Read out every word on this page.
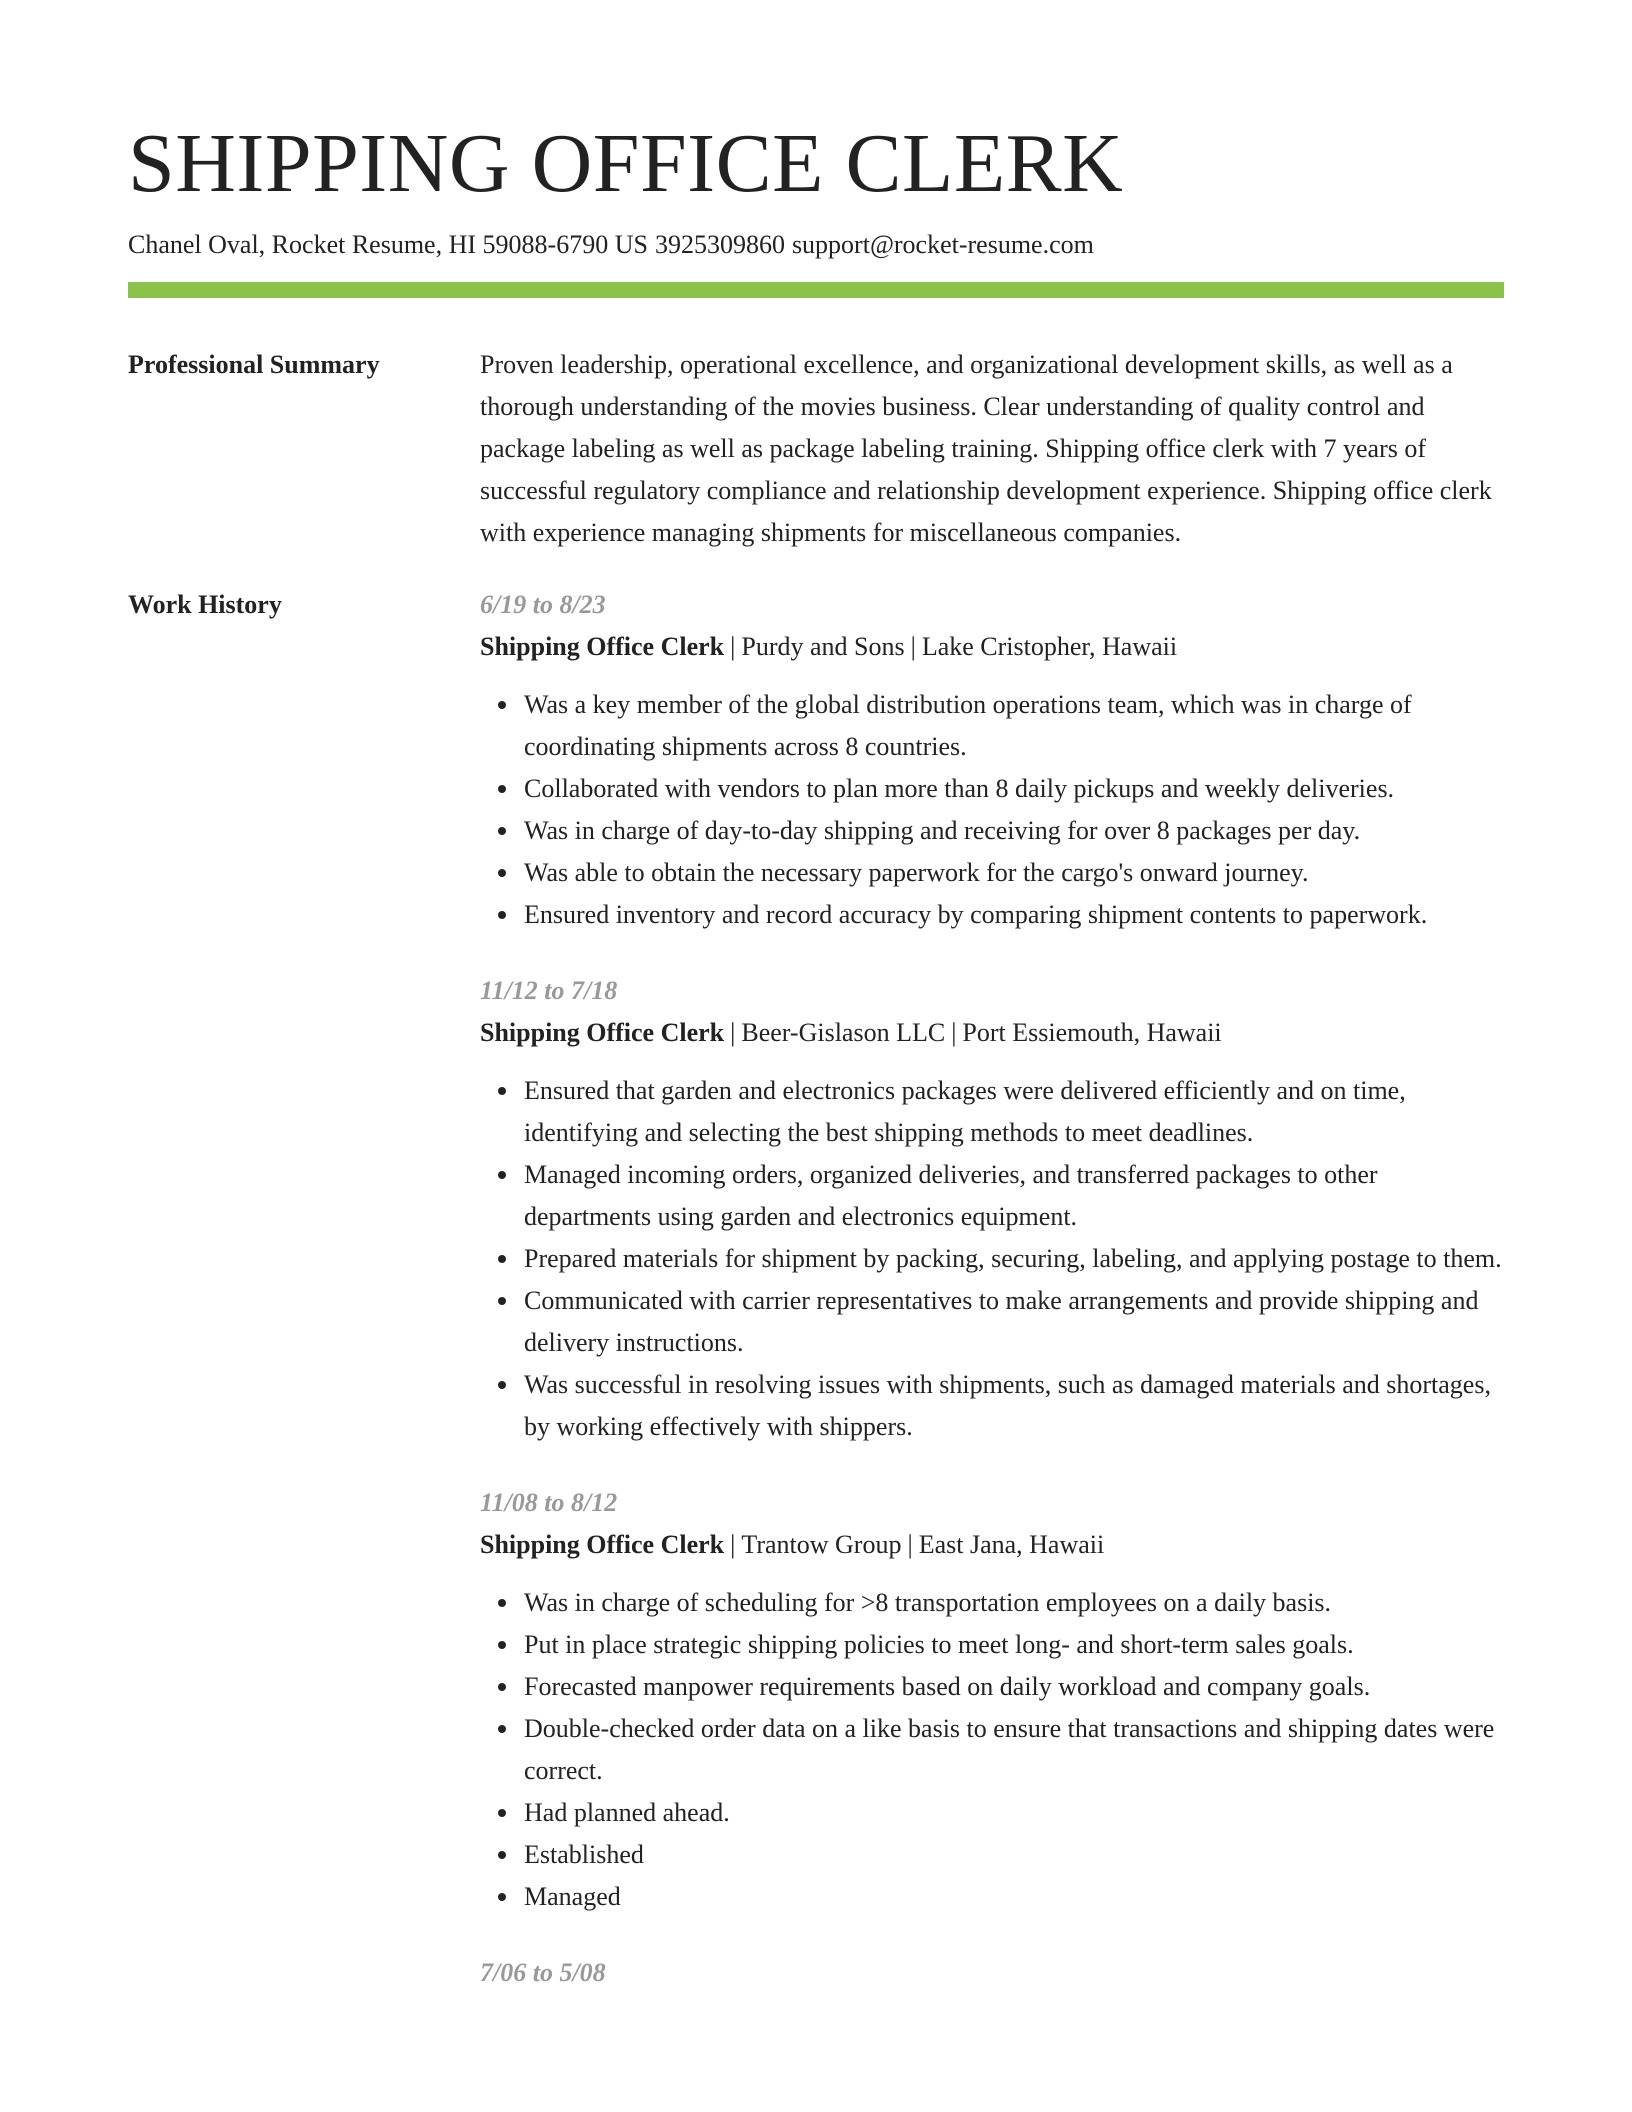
SHIPPING OFFICE CLERK
Chanel Oval, Rocket Resume, HI 59088-6790 US 3925309860 support@rocket-resume.com
Professional Summary	Proven leadership, operational excellence, and organizational development skills, as well as a thorough understanding of the movies business. Clear understanding of quality control and package labeling as well as package labeling training. Shipping office clerk with 7 years of successful regulatory compliance and relationship development experience. Shipping office clerk with experience managing shipments for miscellaneous companies.
Work History	6/19 to 8/23
Shipping Office Clerk | Purdy and Sons | Lake Cristopher, Hawaii
Was a key member of the global distribution operations team, which was in charge of coordinating shipments across 8 countries.
Collaborated with vendors to plan more than 8 daily pickups and weekly deliveries.
Was in charge of day-to-day shipping and receiving for over 8 packages per day.
Was able to obtain the necessary paperwork for the cargo's onward journey.
Ensured inventory and record accuracy by comparing shipment contents to paperwork.
11/12 to 7/18
Shipping Office Clerk | Beer-Gislason LLC | Port Essiemouth, Hawaii
Ensured that garden and electronics packages were delivered efficiently and on time, identifying and selecting the best shipping methods to meet deadlines.
Managed incoming orders, organized deliveries, and transferred packages to other departments using garden and electronics equipment.
Prepared materials for shipment by packing, securing, labeling, and applying postage to them.
Communicated with carrier representatives to make arrangements and provide shipping and delivery instructions.
Was successful in resolving issues with shipments, such as damaged materials and shortages, by working effectively with shippers.
11/08 to 8/12
Shipping Office Clerk | Trantow Group | East Jana, Hawaii
Was in charge of scheduling for >8 transportation employees on a daily basis.
Put in place strategic shipping policies to meet long- and short-term sales goals.
Forecasted manpower requirements based on daily workload and company goals.
Double-checked order data on a like basis to ensure that transactions and shipping dates were correct.
Had planned ahead.
Established
Managed
7/06 to 5/08
